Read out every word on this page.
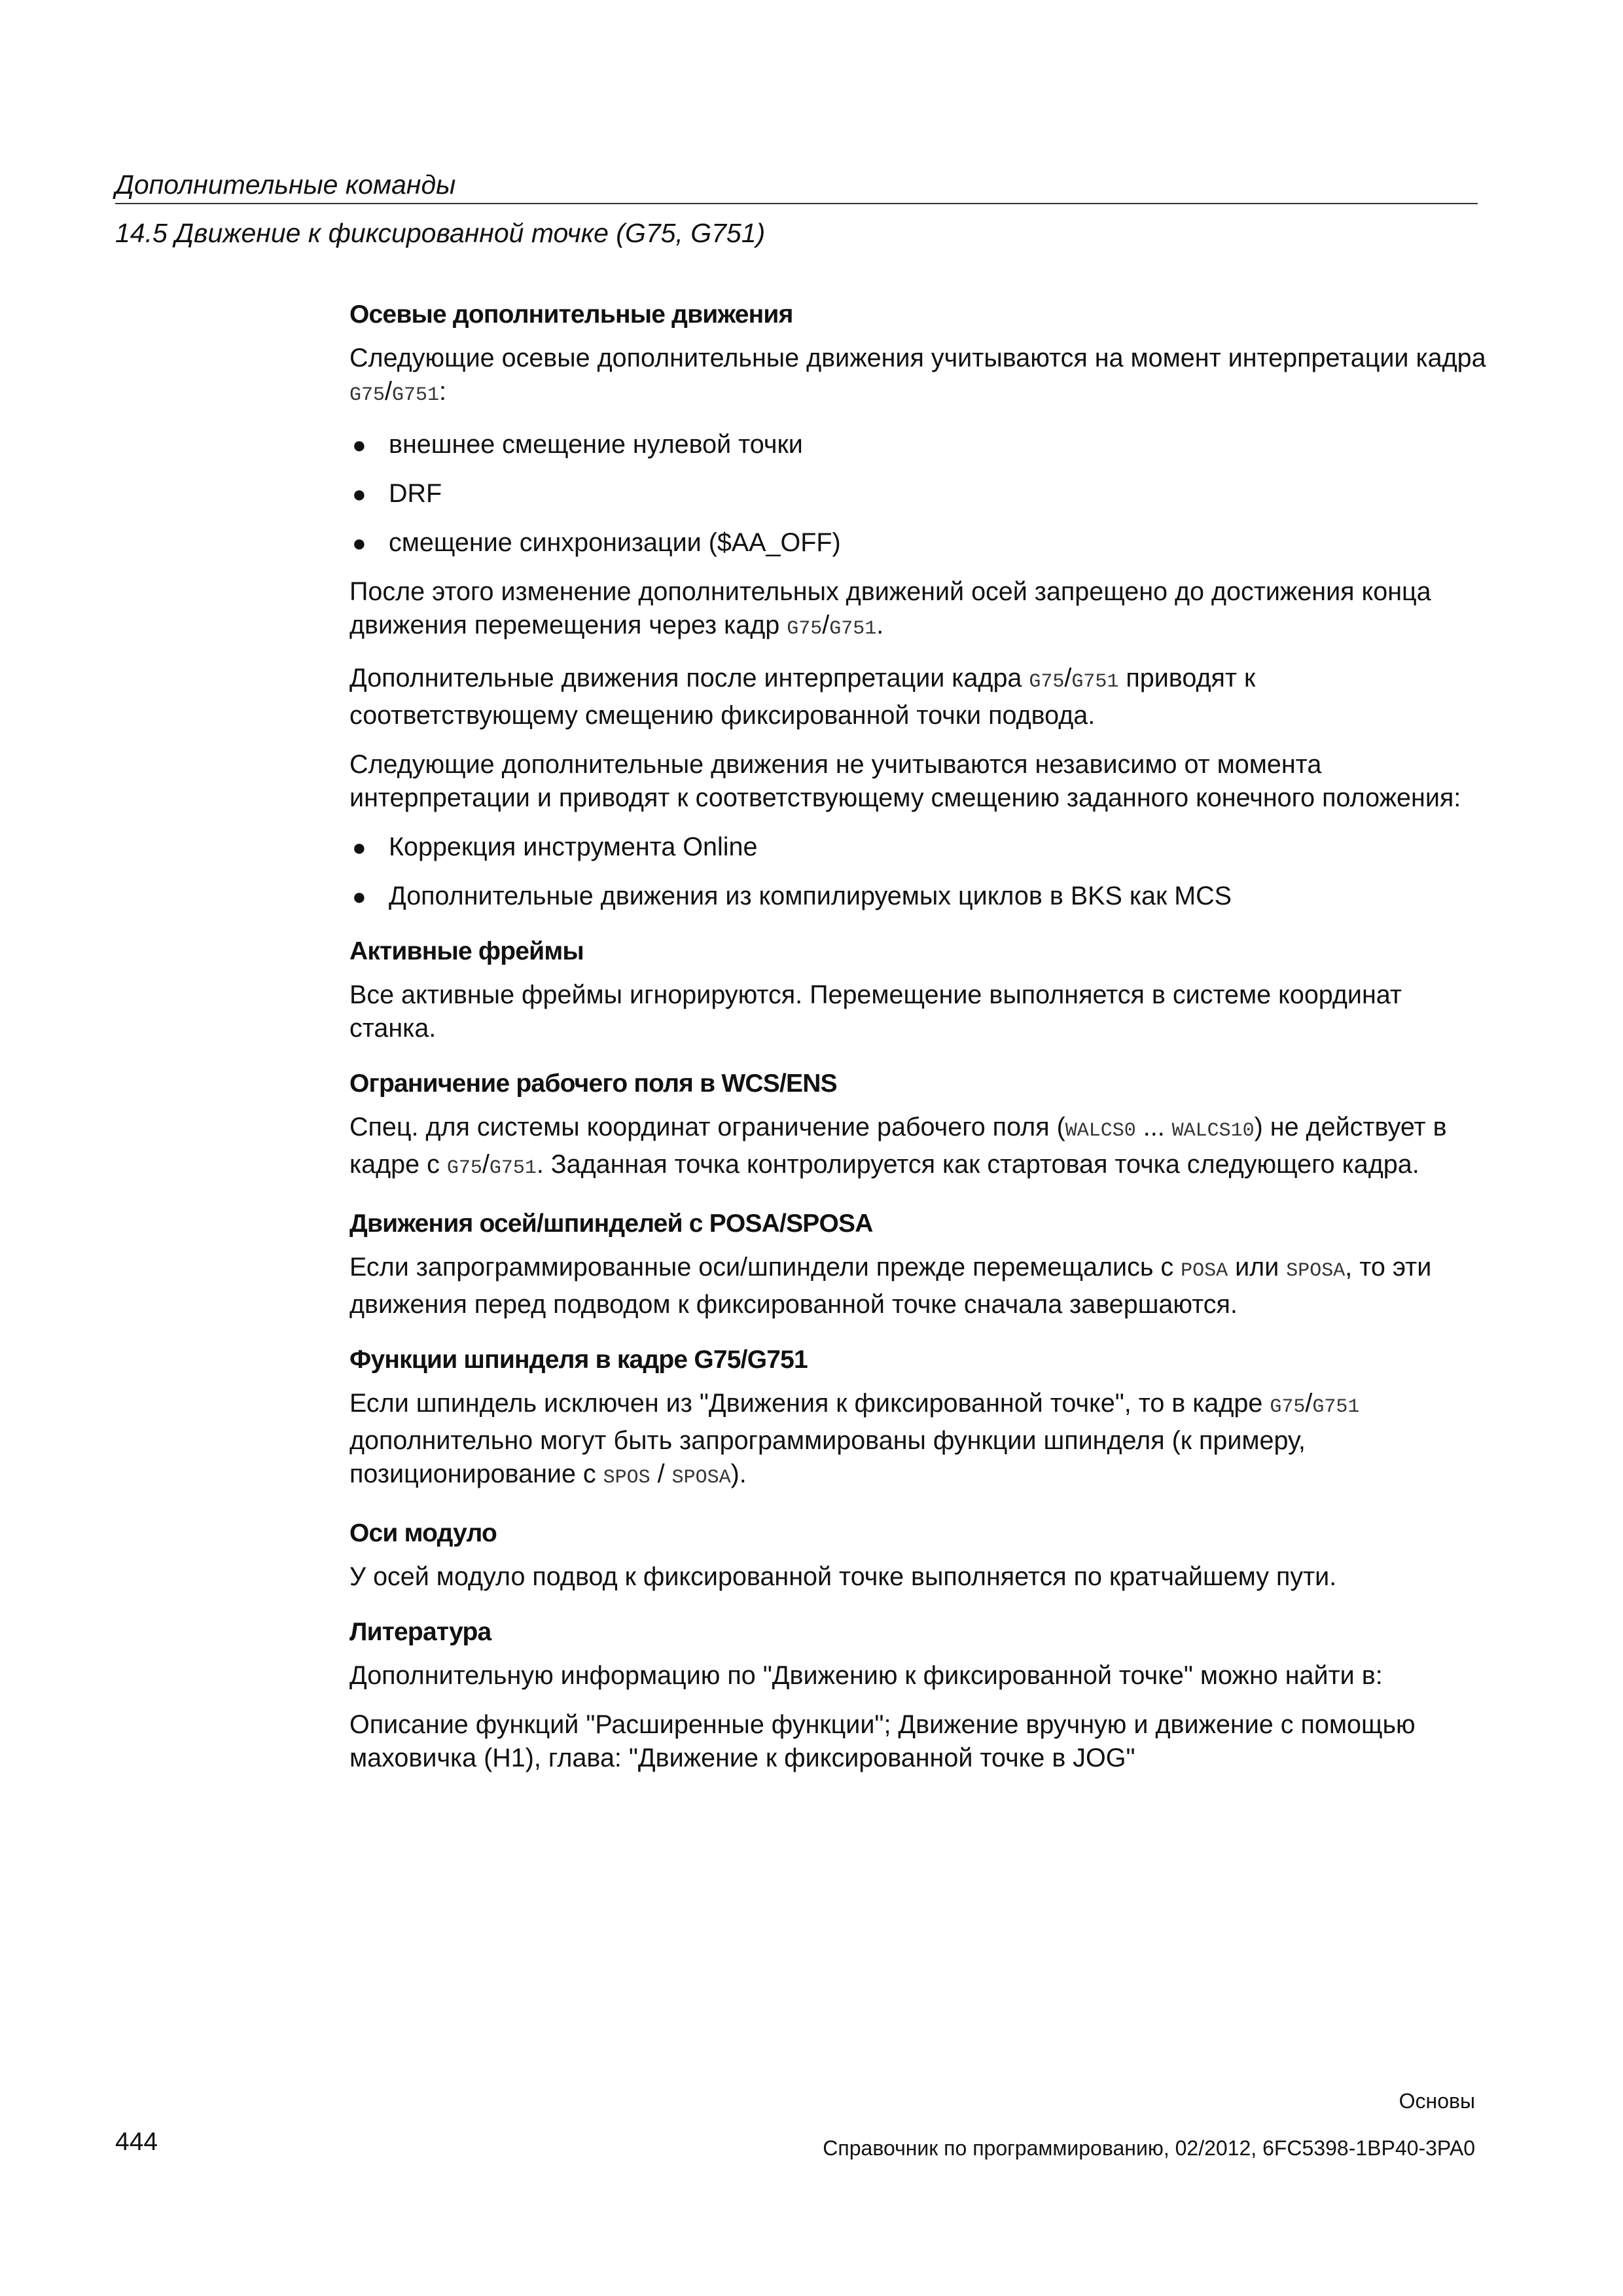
Дополнительные команды
14.5 Движение к фиксированной точке (G75, G751)
Осевые дополнительные движения

Следующие осевые дополнительные движения учитываются на момент интерпретации кадра G75/G751:

● внешнее смещение нулевой точки
● DRF
● смещение синхронизации ($AA_OFF)

После этого изменение дополнительных движений осей запрещено до достижения конца движения перемещения через кадр G75/G751.

Дополнительные движения после интерпретации кадра G75/G751 приводят к соответствующему смещению фиксированной точки подвода.

Следующие дополнительные движения не учитываются независимо от момента интерпретации и приводят к соответствующему смещению заданного конечного положения:

● Коррекция инструмента Online
● Дополнительные движения из компилируемых циклов в BKS как MCS
Активные фреймы

Все активные фреймы игнорируются. Перемещение выполняется в системе координат станка.

Ограничение рабочего поля в WCS/ENS

Спец. для системы координат ограничение рабочего поля (WALCS0 ... WALCS10) не действует в кадре с G75/G751. Заданная точка контролируется как стартовая точка следующего кадра.

Движения осей/шпинделей с POSA/SPOSA

Если запрограммированные оси/шпиндели прежде перемещались с POSA или SPOSA, то эти движения перед подводом к фиксированной точке сначала завершаются.

Функции шпинделя в кадре G75/G751

Если шпиндель исключен из "Движения к фиксированной точке", то в кадре G75/G751 дополнительно могут быть запрограммированы функции шпинделя (к примеру, позиционирование с SPOS / SPOSA).

Оси модуло

У осей модуло подвод к фиксированной точке выполняется по кратчайшему пути.

Литература

Дополнительную информацию по "Движению к фиксированной точке" можно найти в:

Описание функций "Расширенные функции"; Движение вручную и движение с помощью маховичка (H1), глава: "Движение к фиксированной точке в JOG"

444
Основы
Справочник по программированию, 02/2012, 6FC5398-1BP40-3PA0
